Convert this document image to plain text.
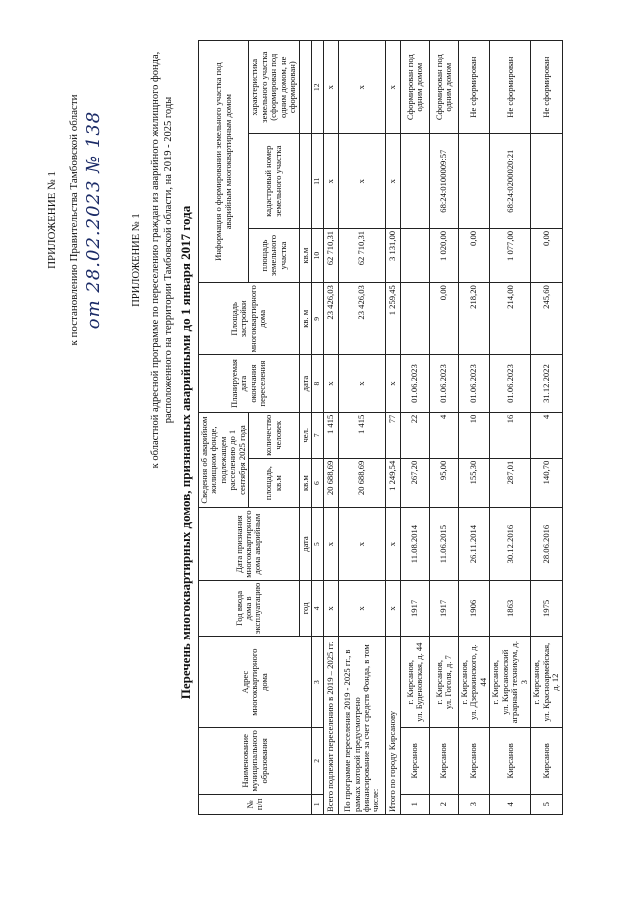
ПРИЛОЖЕНИЕ № 1 к постановлению Правительства Тамбовской области от 28.02.2023 № 138	ПРИЛОЖЕНИЕ № 1 к областной адресной программе по переселению граждан из аварийного жилищного фонда, расположенного на территории Тамбовской области, на 2019 - 2025 годы Перечень многоквартирных домов, признанных аварийными до 1 января 2017 года
№ п/п	Наименование муниципального образования	Адрес многоквартирного дома	Год ввода дома в эксплуатацию	Дата признания многоквартирного дома аварийным	Сведения об аварийном жилищном фонде, подлежащем расселению до 1 сентября 2025 года		Планируемая дата окончания переселения	Площадь застройки многоквартирного дома	Информация о формировании земельного участка под аварийным многоквартирным домом		
					площадь, кв.м	количество человек			площадь земельного участка	кадастровый номер земельного участка	характеристика земельного участка (сформирован под одним домом, не сформирован)
			год	дата	кв.м	чел.	дата	кв. м	кв.м		
1	2	3	4	5	6	7	8	9	10	11	12
Всего подлежит переселению в 2019 – 2025 гг.			х	х	20 688,69	1 415	х	23 426,03	62 710,31	х	х
По программе переселения 2019 - 2025 гг., в рамках которой предусмотрено финансирование за счет средств Фонда, в том числе:			х	х	20 688,69	1 415	х	23 426,03	62 710,31	х	х
Итого по городу Кирсанову			х	х	1 249,54	77	х	1 259,45	3 131,00	х	х
1	Кирсанов	г. Кирсанов, ул. Буденовская, д. 44	1917	11.08.2014	267,20	22	01.06.2023				Сформирован под одним домом
2	Кирсанов	г. Кирсанов, ул. Гоголя, д. 7	1917	11.06.2015	95,00	4	01.06.2023	0,00	1 020,00	68:24:0100009:57	Сформирован под одним домом
3	Кирсанов	г. Кирсанов, ул. Дзержинского, д. 44	1906	26.11.2014	155,30	10	01.06.2023	218,20	0,00		Не сформирован
4	Кирсанов	г. Кирсанов, ул. Кирсановский аграрный техникум, д. 3	1863	30.12.2016	287,01	16	01.06.2023	214,00	1 077,00	68:24:0200020:21	Не сформирован
5	Кирсанов	г. Кирсанов, ул. Красноармейская, д. 12	1975	28.06.2016	140,70	4	31.12.2022	245,60	0,00		Не сформирован
